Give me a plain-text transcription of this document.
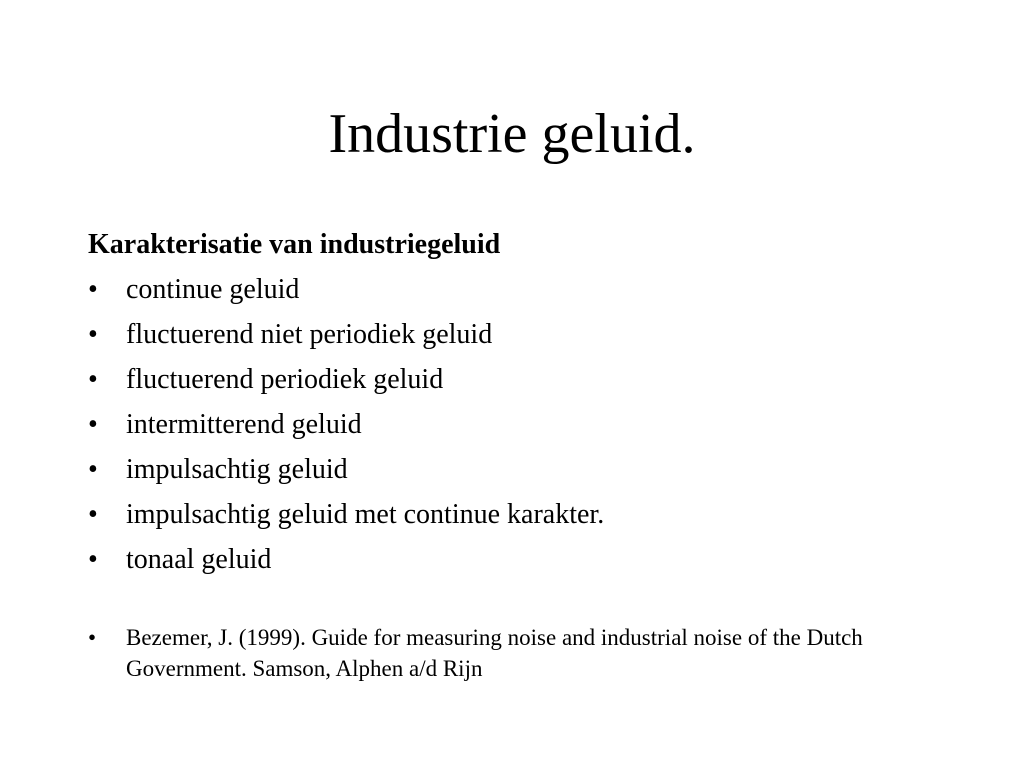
Industrie geluid.
Karakterisatie van industriegeluid
• continue geluid
• fluctuerend niet periodiek geluid
• fluctuerend periodiek geluid
• intermitterend geluid
• impulsachtig geluid
• impulsachtig geluid met continue karakter.
• tonaal geluid
• Bezemer, J. (1999). Guide for measuring noise and industrial noise of the Dutch Government. Samson, Alphen a/d Rijn
